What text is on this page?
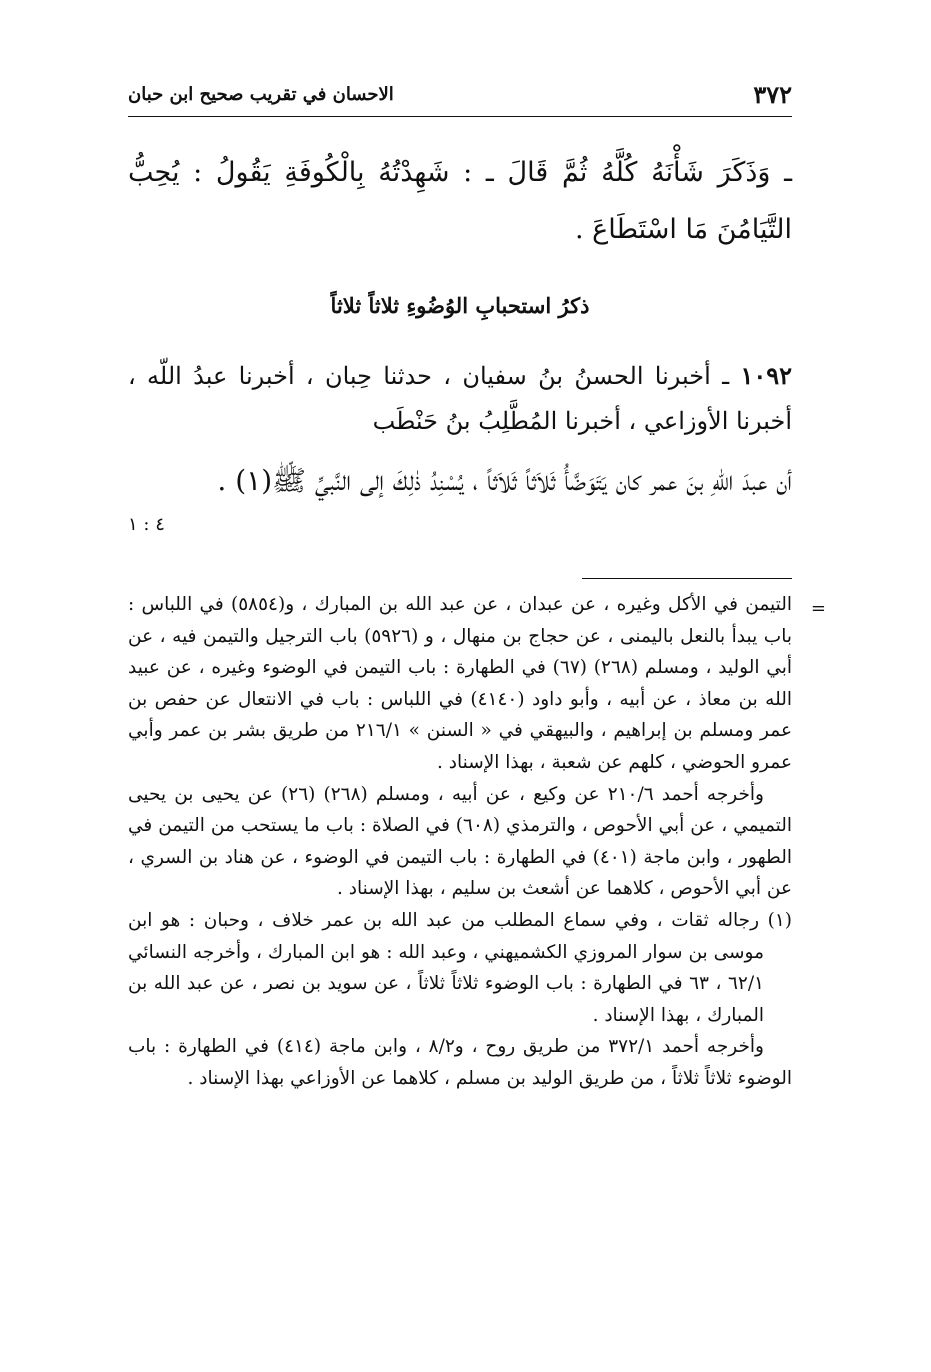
٣٧٢
الاحسان في تقريب صحيح ابن حبان
ـ وَذَكَرَ شَأْنَهُ كُلَّهُ ثُمَّ قَالَ ـ : شَهِدْتُهُ بِالْكُوفَةِ يَقُولُ : يُحِبُّ التَّيَامُنَ مَا اسْتَطَاعَ .
ذكرُ استحبابِ الوُضُوءِ ثلاثاً ثلاثاً
١٠٩٢ ـ أخبرنا الحسنُ بنُ سفيان ، حدثنا حِبان ، أخبرنا عبدُ اللّه ، أخبرنا الأوزاعي ، أخبرنا المُطَّلِبُ بنُ حَنْطَب
أن عبدَ اللّهِ بنَ عمر كان يَتَوَضَّأُ ثَلاَثاً ثَلاَثاً ، يُسْنِدُ ذٰلِكَ إلى النَّبيِّ ﷺ(١) .
٤ : ١
=

التيمن في الأكل وغيره ، عن عبدان ، عن عبد الله بن المبارك ، و(٥٨٥٤) في اللباس : باب يبدأ بالنعل باليمنى ، عن حجاج بن منهال ، و (٥٩٢٦) باب الترجيل والتيمن فيه ، عن أبي الوليد ، ومسلم (٢٦٨) (٦٧) في الطهارة : باب التيمن في الوضوء وغيره ، عن عبيد الله بن معاذ ، عن أبيه ، وأبو داود (٤١٤٠) في اللباس : باب في الانتعال عن حفص بن عمر ومسلم بن إبراهيم ، والبيهقي في « السنن » ٢١٦/١ من طريق بشر بن عمر وأبي عمرو الحوضي ، كلهم عن شعبة ، بهذا الإسناد .

وأخرجه أحمد ٢١٠/٦ عن وكيع ، عن أبيه ، ومسلم (٢٦٨) (٢٦) عن يحيى بن يحيى التميمي ، عن أبي الأحوص ، والترمذي (٦٠٨) في الصلاة : باب ما يستحب من التيمن في الطهور ، وابن ماجة (٤٠١) في الطهارة : باب التيمن في الوضوء ، عن هناد بن السري ، عن أبي الأحوص ، كلاهما عن أشعث بن سليم ، بهذا الإسناد .

(١) رجاله ثقات ، وفي سماع المطلب من عبد الله بن عمر خلاف ، وحبان : هو ابن موسى بن سوار المروزي الكشميهني ، وعبد الله : هو ابن المبارك ، وأخرجه النسائي ٦٢/١ ، ٦٣ في الطهارة : باب الوضوء ثلاثاً ثلاثاً ، عن سويد بن نصر ، عن عبد الله بن المبارك ، بهذا الإسناد .

وأخرجه أحمد ٣٧٢/١ من طريق روح ، و٨/٢ ، وابن ماجة (٤١٤) في الطهارة : باب الوضوء ثلاثاً ثلاثاً ، من طريق الوليد بن مسلم ، كلاهما عن الأوزاعي بهذا الإسناد .
